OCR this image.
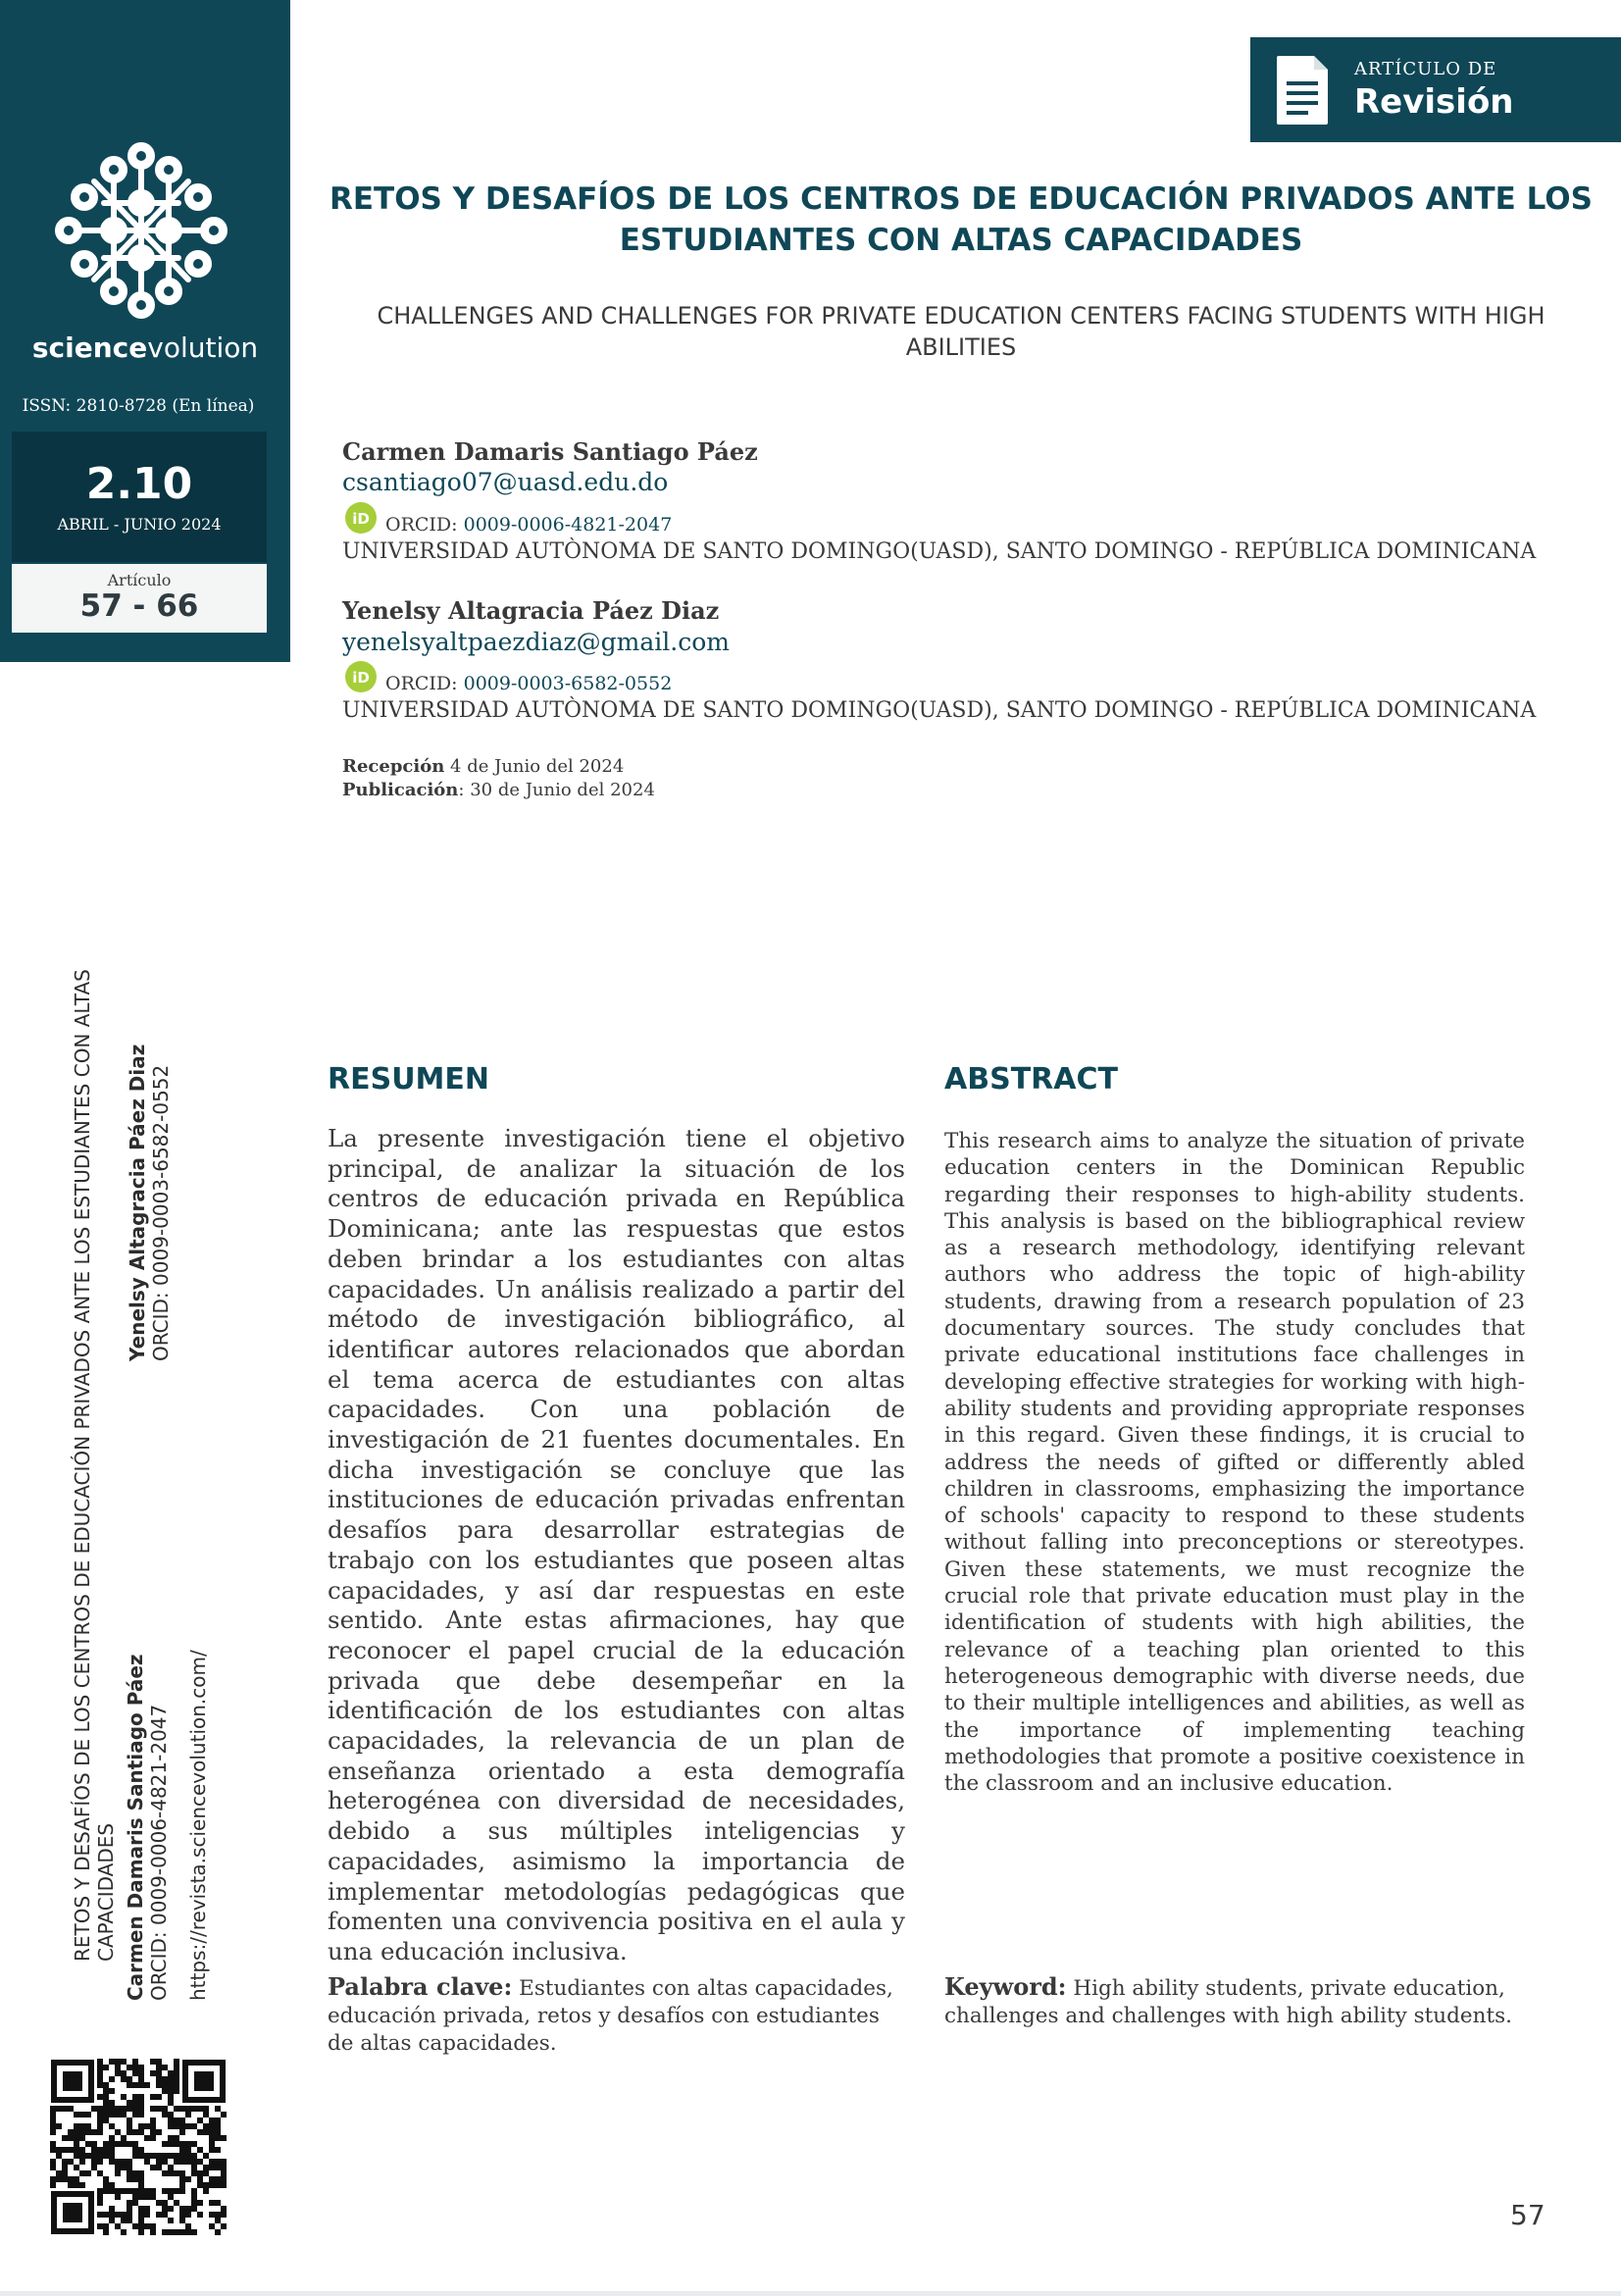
sciencevolution
ISSN: 2810-8728 (En línea)
2.10
ABRIL - JUNIO 2024
Artículo
57 - 66
ARTÍCULO DE
Revisión
RETOS Y DESAFÍOS DE LOS CENTROS DE EDUCACIÓN PRIVADOS ANTE LOS ESTUDIANTES CON ALTAS CAPACIDADES
CHALLENGES AND CHALLENGES FOR PRIVATE EDUCATION CENTERS FACING STUDENTS WITH HIGH ABILITIES
Carmen Damaris Santiago Páez
csantiago07@uasd.edu.do
iD ORCID: 0009-0006-4821-2047
UNIVERSIDAD AUTÒNOMA DE SANTO DOMINGO(UASD), SANTO DOMINGO - REPÚBLICA DOMINICANA
Yenelsy Altagracia Páez Diaz
yenelsyaltpaezdiaz@gmail.com
iD ORCID: 0009-0003-6582-0552
UNIVERSIDAD AUTÒNOMA DE SANTO DOMINGO(UASD), SANTO DOMINGO - REPÚBLICA DOMINICANA
Recepción 4 de Junio del 2024
Publicación: 30 de Junio del 2024
RETOS Y DESAFÍOS DE LOS CENTROS DE EDUCACIÓN PRIVADOS ANTE LOS ESTUDIANTES CON ALTAS
CAPACIDADES Carmen Damaris Santiago Páez
ORCID: 0009-0006-4821-2047 https://revista.sciencevolution.com/
Yenelsy Altagracia Páez Diaz
ORCID: 0009-0003-6582-0552	RESUMEN
La presente investigación tiene el objetivo principal, de analizar la situación de los centros de educación privada en República Dominicana; ante las respuestas que estos deben brindar a los estudiantes con altas capacidades. Un análisis realizado a partir del método de investigación bibliográfico, al identificar autores relacionados que abordan el tema acerca de estudiantes con altas capacidades. Con una población de investigación de 21 fuentes documentales. En dicha investigación se concluye que las instituciones de educación privadas enfrentan desafíos para desarrollar estrategias de trabajo con los estudiantes que poseen altas capacidades, y así dar respuestas en este sentido. Ante estas afirmaciones, hay que reconocer el papel crucial de la educación privada que debe desempeñar en la identificación de los estudiantes con altas capacidades, la relevancia de un plan de enseñanza orientado a esta demografía heterogénea con diversidad de necesidades, debido a sus múltiples inteligencias y capacidades, asimismo la importancia de implementar metodologías pedagógicas que fomenten una convivencia positiva en el aula y una educación inclusiva.
Palabra clave: Estudiantes con altas capacidades, educación privada, retos y desafíos con estudiantes de altas capacidades.
ABSTRACT
This research aims to analyze the situation of private education centers in the Dominican Republic regarding their responses to high-ability students. This analysis is based on the bibliographical review as a research methodology, identifying relevant authors who address the topic of high-ability students, drawing from a research population of 23 documentary sources. The study concludes that private educational institutions face challenges in developing effective strategies for working with high-ability students and providing appropriate responses in this regard. Given these findings, it is crucial to address the needs of gifted or differently abled children in classrooms, emphasizing the importance of schools' capacity to respond to these students without falling into preconceptions or stereotypes. Given these statements, we must recognize the crucial role that private education must play in the identification of students with high abilities, the relevance of a teaching plan oriented to this heterogeneous demographic with diverse needs, due to their multiple intelligences and abilities, as well as the importance of implementing teaching methodologies that promote a positive coexistence in the classroom and an inclusive education.
Keyword: High ability students, private education, challenges and challenges with high ability students.
57
